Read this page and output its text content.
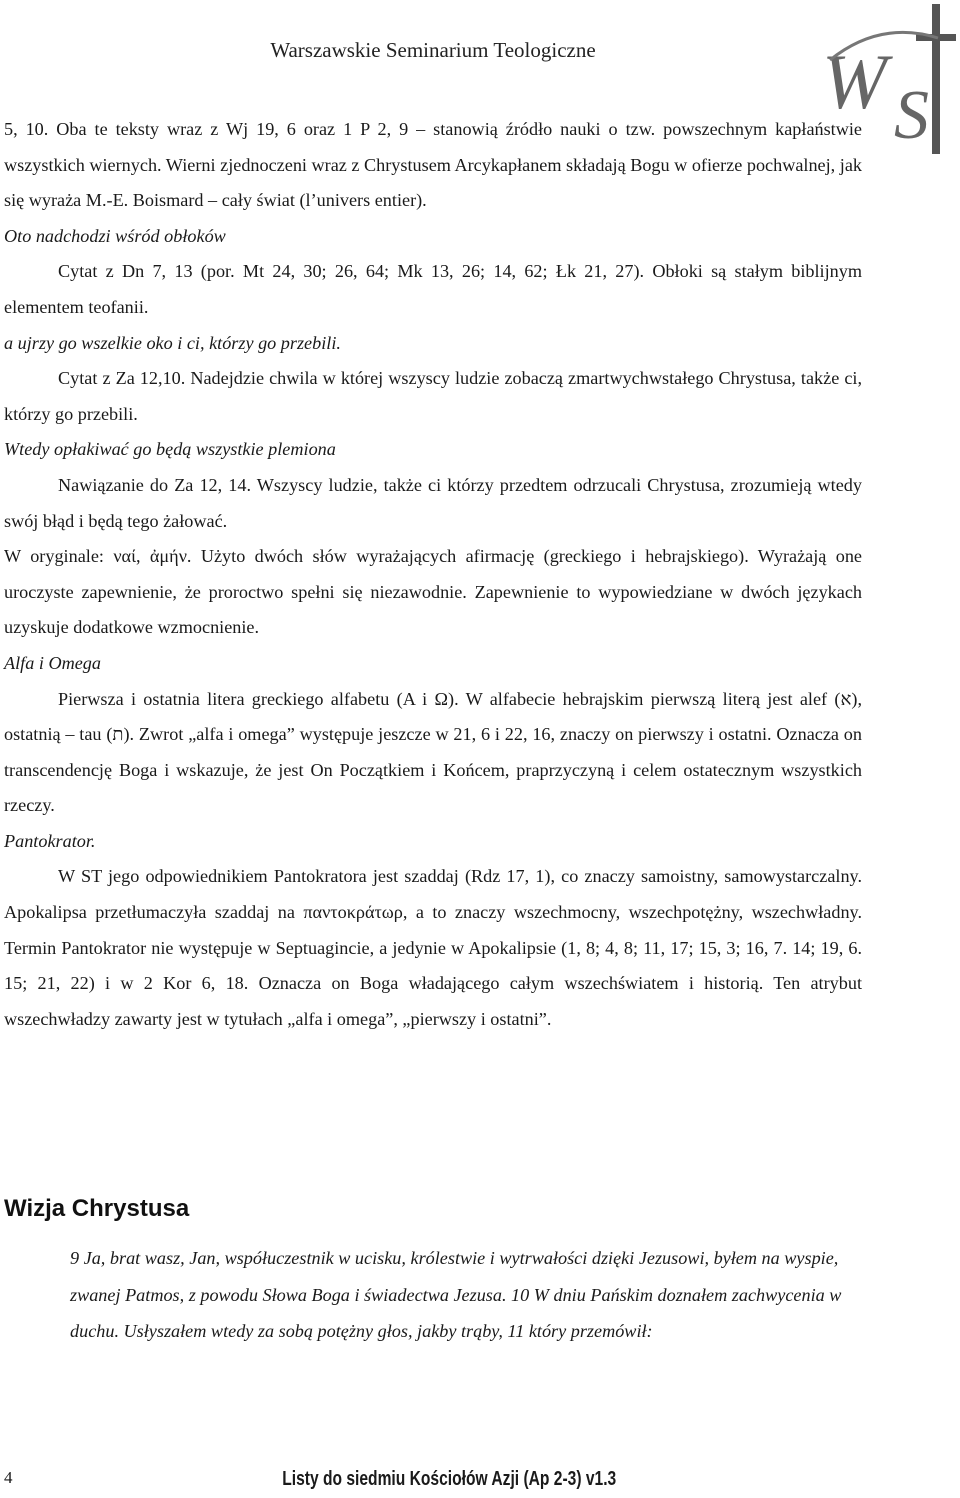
Warszawskie Seminarium Teologiczne	W S

5, 10. Oba te teksty wraz z Wj 19, 6 oraz 1 P 2, 9 – stanowią źródło nauki o tzw. powszechnym kapłaństwie wszystkich wiernych. Wierni zjednoczeni wraz z Chrystusem Arcykapłanem składają Bogu w ofierze pochwalnej, jak się wyraża M.-E. Boismard – cały świat (l’univers entier).

Oto nadchodzi wśród obłoków

Cytat z Dn 7, 13 (por. Mt 24, 30; 26, 64; Mk 13, 26; 14, 62; Łk 21, 27). Obłoki są stałym biblijnym elementem teofanii.

a ujrzy go wszelkie oko i ci, którzy go przebili.

Cytat z Za 12,10. Nadejdzie chwila w której wszyscy ludzie zobaczą zmartwychwstałego Chrystusa, także ci, którzy go przebili.

Wtedy opłakiwać go będą wszystkie plemiona

Nawiązanie do Za 12, 14. Wszyscy ludzie, także ci którzy przedtem odrzucali Chrystusa, zrozumieją wtedy swój błąd i będą tego żałować.

W oryginale: ναί, ἀμήν. Użyto dwóch słów wyrażających afirmację (greckiego i hebrajskiego). Wyrażają one uroczyste zapewnienie, że proroctwo spełni się niezawodnie. Zapewnienie to wypowiedziane w dwóch językach uzyskuje dodatkowe wzmocnienie.

Alfa i Omega

Pierwsza i ostatnia litera greckiego alfabetu (A i Ω). W alfabecie hebrajskim pierwszą literą jest alef (א), ostatnią – tau (ת). Zwrot „alfa i omega” występuje jeszcze w 21, 6 i 22, 16, znaczy on pierwszy i ostatni. Oznacza on transcendencję Boga i wskazuje, że jest On Początkiem i Końcem, praprzyczyną i celem ostatecznym wszystkich rzeczy.

Pantokrator.

W ST jego odpowiednikiem Pantokratora jest szaddaj (Rdz 17, 1), co znaczy samoistny, samowystarczalny. Apokalipsa przetłumaczyła szaddaj na παντοκράτωρ, a to znaczy wszechmocny, wszechpotężny, wszechwładny. Termin Pantokrator nie występuje w Septuagincie, a jedynie w Apokalipsie (1, 8; 4, 8; 11, 17; 15, 3; 16, 7. 14; 19, 6. 15; 21, 22) i w 2 Kor 6, 18. Oznacza on Boga władającego całym wszechświatem i historią. Ten atrybut wszechwładzy zawarty jest w tytułach „alfa i omega”, „pierwszy i ostatni”.

Wizja Chrystusa
9 Ja, brat wasz, Jan, współuczestnik w ucisku, królestwie i wytrwałości dzięki Jezusowi, byłem na wyspie, zwanej Patmos, z powodu Słowa Boga i świadectwa Jezusa. 10 W dniu Pańskim doznałem zachwycenia w duchu. Usłyszałem wtedy za sobą potężny głos, jakby trąby, 11 który przemówił:
4	Listy do siedmiu Kościołów Azji (Ap 2-3) v1.3
